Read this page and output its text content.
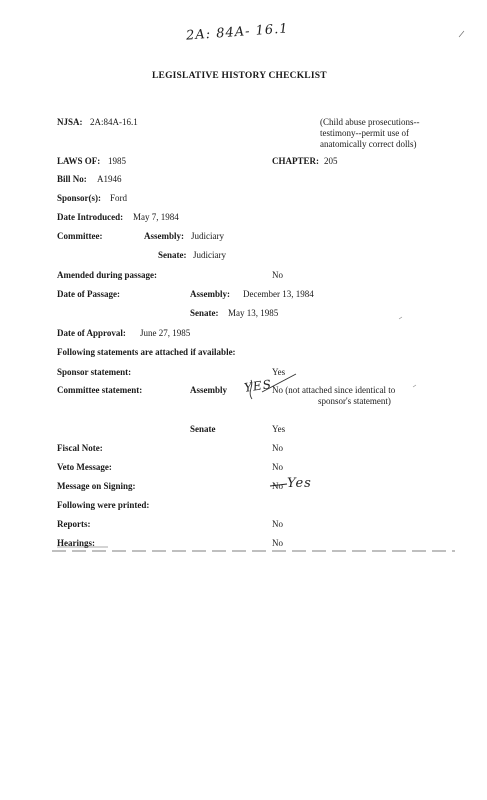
2A: 84A- 16.1
LEGISLATIVE HISTORY CHECKLIST
NJSA: 2A:84A-16.1	(Child abuse prosecutions--
testimony--permit use of
anatomically correct dolls)
LAWS OF: 1985	CHAPTER: 205
Bill No: A1946
Sponsor(s): Ford
Date Introduced: May 7, 1984
Committee:	Assembly: Judiciary
Senate: Judiciary
Amended during passage:	No
Date of Passage:	Assembly: December 13, 1984
Senate: May 13, 1985
Date of Approval: June 27, 1985
Following statements are attached if available:
Sponsor statement:	Yes
Committee statement:	Assembly YES No (not attached since identical to
sponsor's statement)
Senate	Yes
Fiscal Note:	No
Veto Message:	No
Message on Signing:	No Yes
Following were printed:
Reports:	No
Hearings:	No
